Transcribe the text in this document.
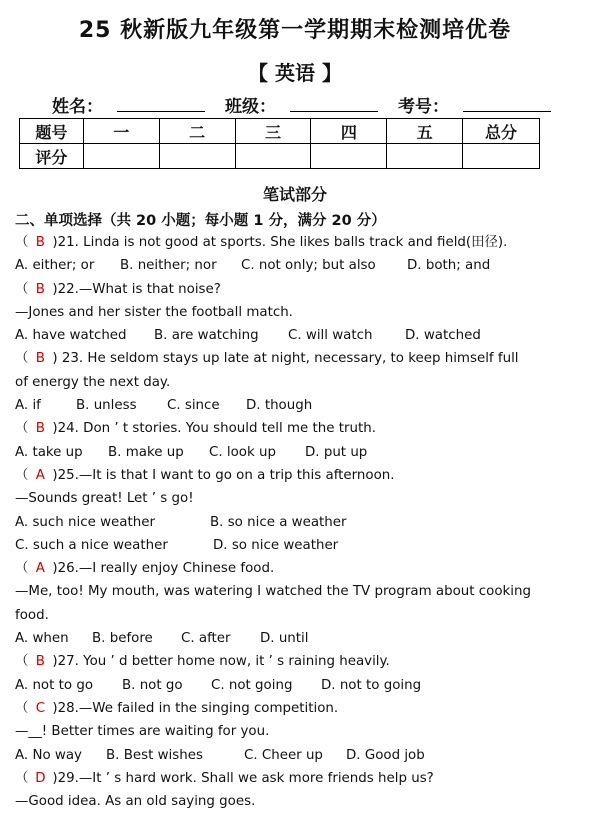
25 秋新版九年级第一学期期末检测培优卷
【 英语 】
姓名：	班级：	考号：
题号	一	二	三	四	五	总分
评分						
笔试部分
二、单项选择（共 20 小题；每小题 1 分，满分 20 分）
（ B )21. Linda is not good at sports. She likes balls track and field(田径).
A. either; or B. neither; nor C. not only; but also D. both; and
（ B )22.—What is that noise?
—Jones and her sister the football match.
A. have watched B. are watching C. will watch D. watched
（ B ) 23. He seldom stays up late at night, necessary, to keep himself full
of energy the next day.
A. if	B. unless C. since D. though
（ B )24. Don ’ t stories. You should tell me the truth.
A. take up B. make up C. look up D. put up
（ A )25.—It is that I want to go on a trip this afternoon.
—Sounds great! Let ’ s go!
A. such nice weather	B. so nice a weather
C. such a nice weather	D. so nice weather
（ A )26.—I really enjoy Chinese food.
—Me, too! My mouth, was watering I watched the TV program about cooking
food.
A. when B. before C. after D. until
（ B )27. You ’ d better home now, it ’ s raining heavily.
A. not to go B. not go C. not going D. not to going
（ C )28.—We failed in the singing competition.
—__! Better times are waiting for you.
A. No way B. Best wishes	C. Cheer up D. Good job
（ D )29.—It ’ s hard work. Shall we ask more friends help us?
—Good idea. As an old saying goes.
